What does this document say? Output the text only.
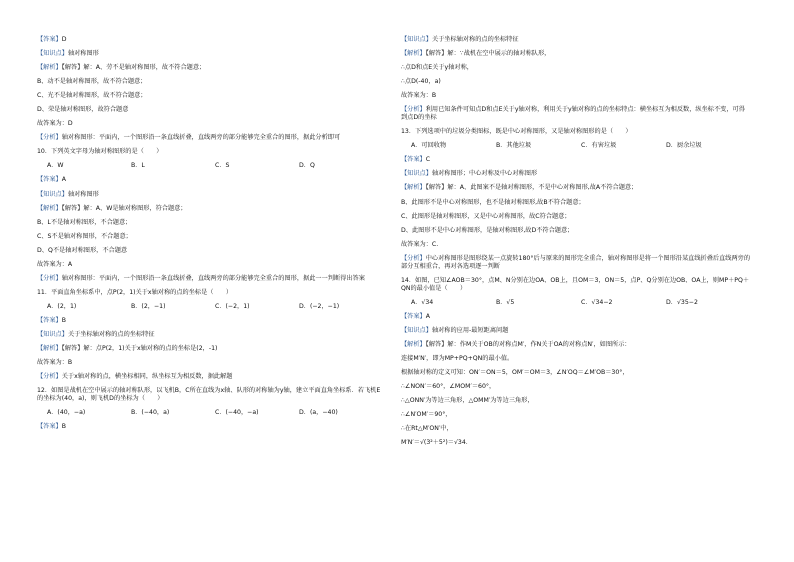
【答案】D
【知识点】轴对称图形
【解析】【解答】解：A、劳不是轴对称图形，故不符合题意；
B、动不是轴对称图形，故不符合题意；
C、光不是轴对称图形，故不符合题意；
D、荣是轴对称图形，故符合题意
故答案为：D
【分析】轴对称图形：平面内，一个图形沿一条直线折叠，直线两旁的部分能够完全重合的图形，据此分析即可
10．下列英文字母为轴对称图形的是（　　）
A．W	B．L	C．S	D．Q
【答案】A
【知识点】轴对称图形
【解析】【解答】解：A、W是轴对称图形，符合题意；
B、L不是轴对称图形，不合题意；
C、S不是轴对称图形，不合题意；
D、Q不是轴对称图形，不合题意
故答案为：A
【分析】轴对称图形：平面内，一个图形沿一条直线折叠，直线两旁的部分能够完全重合的图形，据此一一判断得出答案
11．平面直角坐标系中，点P(2，1)关于x轴对称的点的坐标是（　　）
A．(2，1)	B．(2，−1)	C．(−2，1)	D．(−2，−1)
【答案】B
【知识点】关于坐标轴对称的点的坐标特征
【解析】【解答】解：点P(2，1)关于x轴对称的点的坐标是(2，-1)
故答案为：B
【分析】关于x轴对称的点，横坐标相同，纵坐标互为相反数，据此解题
12．如图是战机在空中展示的轴对称队形，以飞机B，C所在直线为x轴、队形的对称轴为y轴，建立平面直角坐标系．若飞机E的坐标为(40，a)，则飞机D的坐标为（　　）
A．(40，−a)	B．(−40，a)	C．(−40，−a)	D．(a，−40)
【答案】B
【知识点】关于坐标轴对称的点的坐标特征
【解析】【解答】解：∵战机在空中展示的轴对称队形，
∴点D和点E关于y轴对称，
∴点D(-40，a)
故答案为：B
【分析】利用已知条件可知点D和点E关于y轴对称，利用关于y轴对称的点的坐标特点：横坐标互为相反数，纵坐标不变，可得到点D的坐标
13．下列选项中的垃圾分类图标，既是中心对称图形，又是轴对称图形的是（　　）
A．可回收物	B．其他垃圾	C．有害垃圾	D．厨余垃圾
【答案】C
【知识点】轴对称图形；中心对称及中心对称图形
【解析】【解答】解：A、此图案不是轴对称图形，不是中心对称图形,故A不符合题意；
B、此图形不是中心对称图形，也不是轴对称图形,故B不符合题意；
C、此图形是轴对称图形，又是中心对称图形，故C符合题意；
D、此图形不是中心对称图形，是轴对称图形,故D不符合题意；
故答案为：C.
【分析】中心对称图形是图形绕某一点旋转180°后与原来的图形完全重合，轴对称图形是将一个图形沿某直线折叠后直线两旁的部分互相重合，再对各选项逐一判断
14．如图，已知∠AOB＝30°，点M、N分别在边OA、OB上，且OM＝3，ON＝5，点P、Q分别在边OB、OA上，则MP＋PQ＋QN的最小值是（　　）
A．√34	B．√5	C．√34−2	D．√35−2
【答案】A
【知识点】轴对称的应用-最短距离问题
【解析】【解答】解：作M关于OB的对称点M′，作N关于OA的对称点N′，如图所示：
连接M′N′，即为MP+PQ+QN的最小值。
根据轴对称的定义可知：ON′＝ON＝5，OM′＝OM＝3，∠N′OQ＝∠M′OB＝30°，
∴∠NON′＝60°，∠MOM′＝60°，
∴△ONN′为等边三角形，△OMM′为等边三角形，
∴∠N′OM′＝90°，
∴在Rt△M′ON′中，
M′N′＝√(3²＋5²)＝√34．
